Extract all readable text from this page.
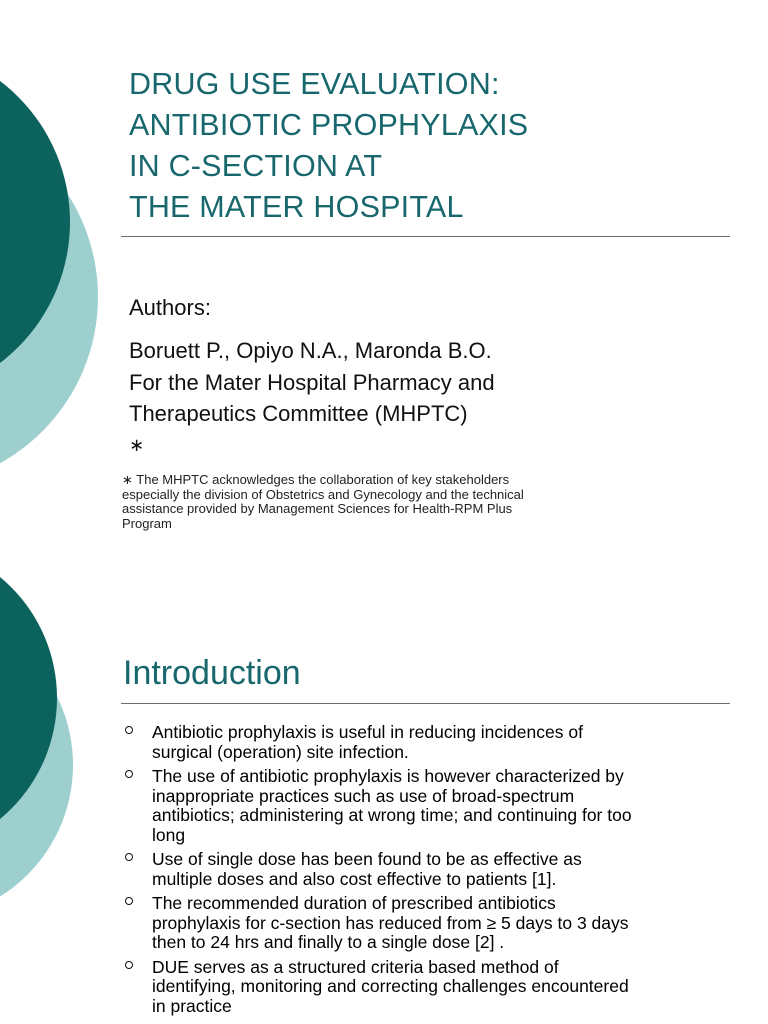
DRUG USE EVALUATION:
ANTIBIOTIC PROPHYLAXIS
IN C-SECTION AT
THE MATER HOSPITAL
Authors:
Boruett P., Opiyo N.A., Maronda B.O.
For the Mater Hospital Pharmacy and
Therapeutics Committee (MHPTC)
∗
∗ The MHPTC acknowledges the collaboration of key stakeholders
especially the division of Obstetrics and Gynecology and the technical
assistance provided by Management Sciences for Health-RPM Plus
Program
Introduction
Antibiotic prophylaxis is useful in reducing incidences of
surgical (operation) site infection.
The use of antibiotic prophylaxis is however characterized by
inappropriate practices such as use of broad-spectrum
antibiotics; administering at wrong time; and continuing for too
long
Use of single dose has been found to be as effective as
multiple doses and also cost effective to patients [1].
The recommended duration of prescribed antibiotics
prophylaxis for c-section has reduced from ≥ 5 days to 3 days
then to 24 hrs and finally to a single dose [2] .
DUE serves as a structured criteria based method of
identifying, monitoring and correcting challenges encountered
in practice
